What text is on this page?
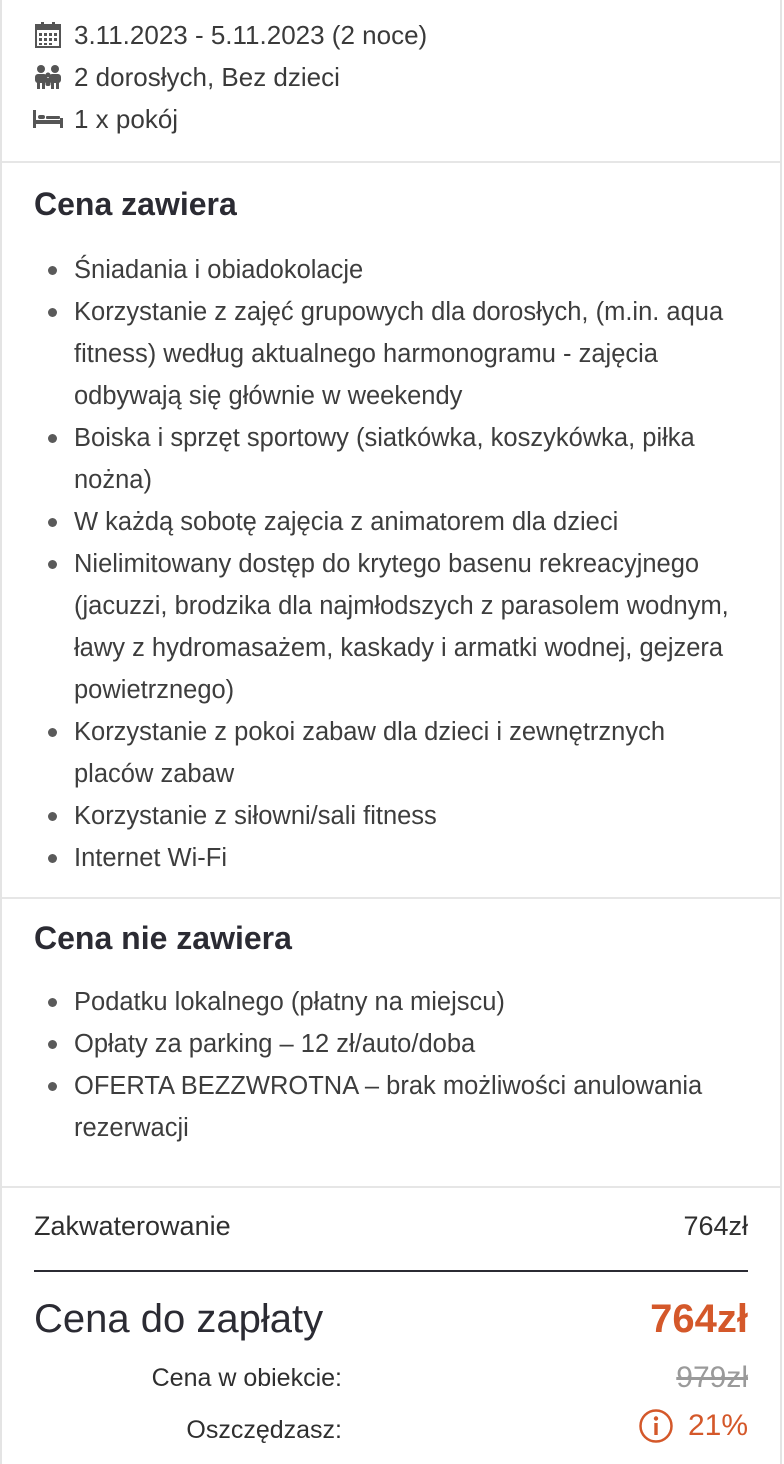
3.11.2023 - 5.11.2023 (2 noce)
2 dorosłych, Bez dzieci
1 x pokój
Cena zawiera
Śniadania i obiadokolacje
Korzystanie z zajęć grupowych dla dorosłych, (m.in. aqua fitness) według aktualnego harmonogramu - zajęcia odbywają się głównie w weekendy
Boiska i sprzęt sportowy (siatkówka, koszykówka, piłka nożna)
W każdą sobotę zajęcia z animatorem dla dzieci
Nielimitowany dostęp do krytego basenu rekreacyjnego (jacuzzi, brodzika dla najmłodszych z parasolem wodnym, ławy z hydromasażem, kaskady i armatki wodnej, gejzera powietrznego)
Korzystanie z pokoi zabaw dla dzieci i zewnętrznych placów zabaw
Korzystanie z siłowni/sali fitness
Internet Wi-Fi
Cena nie zawiera
Podatku lokalnego (płatny na miejscu)
Opłaty za parking – 12 zł/auto/doba
OFERTA BEZZWROTNA – brak możliwości anulowania rezerwacji
Zakwaterowanie	764zł
Cena do zapłaty	764zł
Cena w obiekcie:	979zł
Oszczędzasz:	21%
